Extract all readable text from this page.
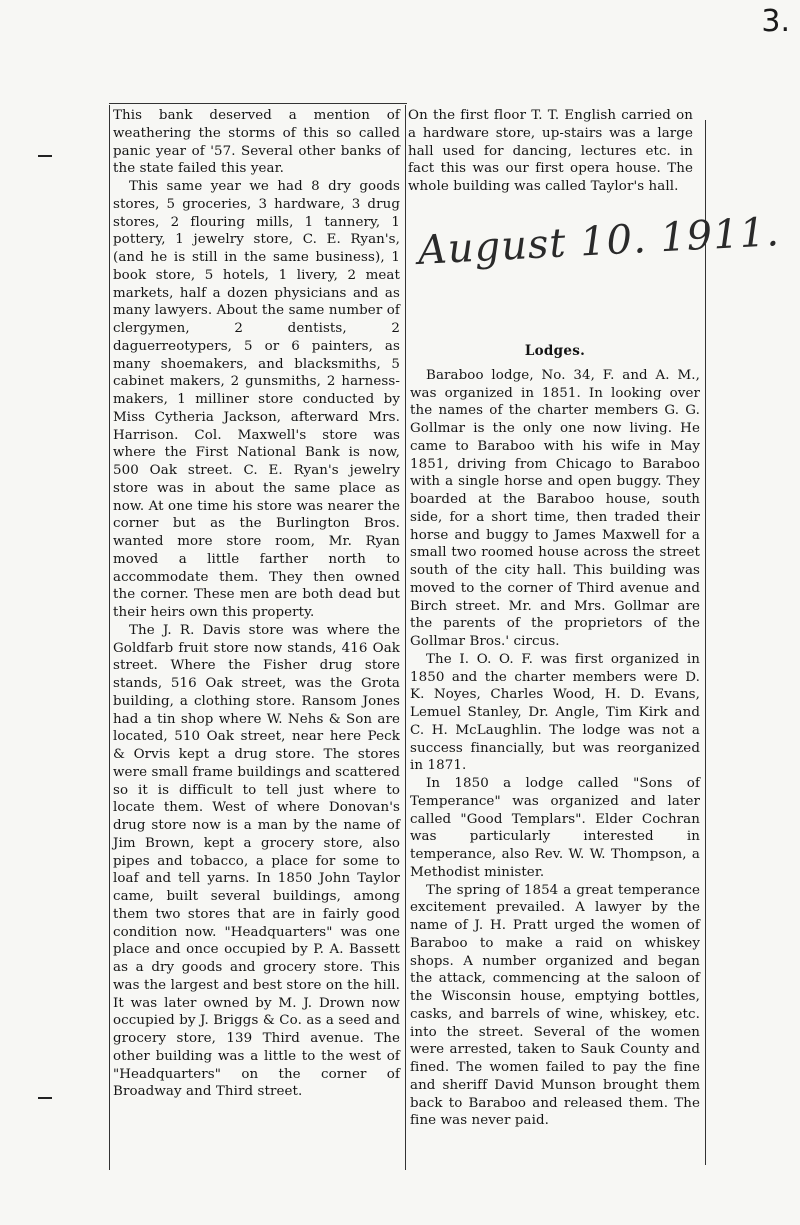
3.

This bank deserved a mention of weathering the storms of this so called panic year of '57. Several other banks of the state failed this year.

This same year we had 8 dry goods stores, 5 groceries, 3 hardware, 3 drug stores, 2 flouring mills, 1 tannery, 1 pottery, 1 jewelry store, C. E. Ryan's, (and he is still in the same business), 1 book store, 5 hotels, 1 livery, 2 meat markets, half a dozen physicians and as many lawyers. About the same number of clergymen, 2 dentists, 2 daguerreotypers, 5 or 6 painters, as many shoemakers, and blacksmiths, 5 cabinet makers, 2 gunsmiths, 2 harness-makers, 1 milliner store conducted by Miss Cytheria Jackson, afterward Mrs. Harrison. Col. Maxwell's store was where the First National Bank is now, 500 Oak street. C. E. Ryan's jewelry store was in about the same place as now. At one time his store was nearer the corner but as the Burlington Bros. wanted more store room, Mr. Ryan moved a little farther north to accommodate them. They then owned the corner. These men are both dead but their heirs own this property.

The J. R. Davis store was where the Goldfarb fruit store now stands, 416 Oak street. Where the Fisher drug store stands, 516 Oak street, was the Grota building, a clothing store. Ransom Jones had a tin shop where W. Nehs & Son are located, 510 Oak street, near here Peck & Orvis kept a drug store. The stores were small frame buildings and scattered so it is difficult to tell just where to locate them. West of where Donovan's drug store now is a man by the name of Jim Brown, kept a grocery store, also pipes and tobacco, a place for some to loaf and tell yarns. In 1850 John Taylor came, built several buildings, among them two stores that are in fairly good condition now. "Headquarters" was one place and once occupied by P. A. Bassett as a dry goods and grocery store. This was the largest and best store on the hill. It was later owned by M. J. Drown now occupied by J. Briggs & Co. as a seed and grocery store, 139 Third avenue. The other building was a little to the west of "Headquarters" on the corner of Broadway and Third street.

On the first floor T. T. English carried on a hardware store, up-stairs was a large hall used for dancing, lectures etc. in fact this was our first opera house. The whole building was called Taylor's hall.

August 10. 1911.
Lodges.

Baraboo lodge, No. 34, F. and A. M., was organized in 1851. In looking over the names of the charter members G. G. Gollmar is the only one now living. He came to Baraboo with his wife in May 1851, driving from Chicago to Baraboo with a single horse and open buggy. They boarded at the Baraboo house, south side, for a short time, then traded their horse and buggy to James Maxwell for a small two roomed house across the street south of the city hall. This building was moved to the corner of Third avenue and Birch street. Mr. and Mrs. Gollmar are the parents of the proprietors of the Gollmar Bros.' circus.

The I. O. O. F. was first organized in 1850 and the charter members were D. K. Noyes, Charles Wood, H. D. Evans, Lemuel Stanley, Dr. Angle, Tim Kirk and C. H. McLaughlin. The lodge was not a success financially, but was reorganized in 1871.

In 1850 a lodge called "Sons of Temperance" was organized and later called "Good Templars". Elder Cochran was particularly interested in temperance, also Rev. W. W. Thompson, a Methodist minister.

The spring of 1854 a great temperance excitement prevailed. A lawyer by the name of J. H. Pratt urged the women of Baraboo to make a raid on whiskey shops. A number organized and began the attack, commencing at the saloon of the Wisconsin house, emptying bottles, casks, and barrels of wine, whiskey, etc. into the street. Several of the women were arrested, taken to Sauk County and fined. The women failed to pay the fine and sheriff David Munson brought them back to Baraboo and released them. The fine was never paid.
